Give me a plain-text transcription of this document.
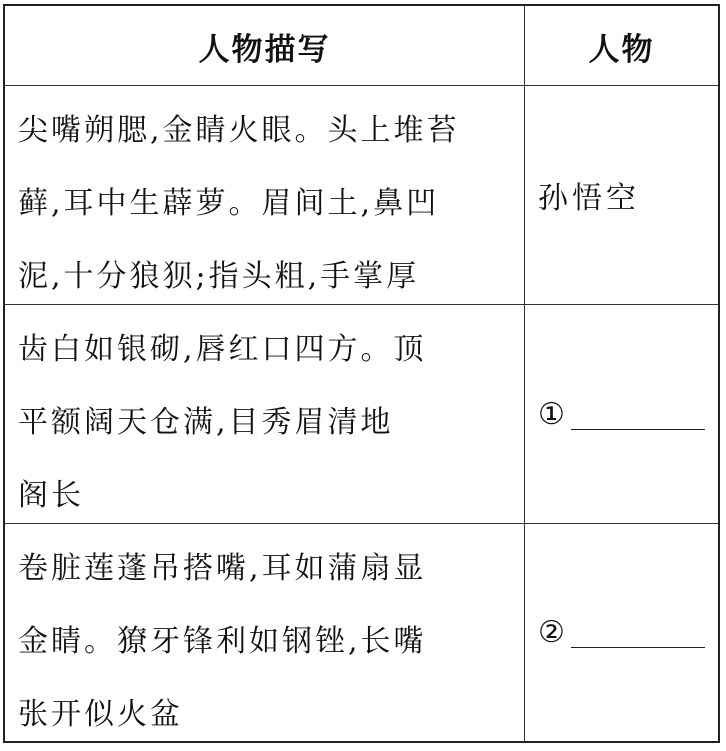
人物描写	人物
尖嘴朔腮,金睛火眼。头上堆苔
藓,耳中生薜萝。眉间土,鼻凹
泥,十分狼狈;指头粗,手掌厚
孙悟空
齿白如银砌,唇红口四方。顶
平额阔天仓满,目秀眉清地
阁长
①
卷脏莲蓬吊搭嘴,耳如蒲扇显
金睛。獠牙锋利如钢锉,长嘴
张开似火盆
②
